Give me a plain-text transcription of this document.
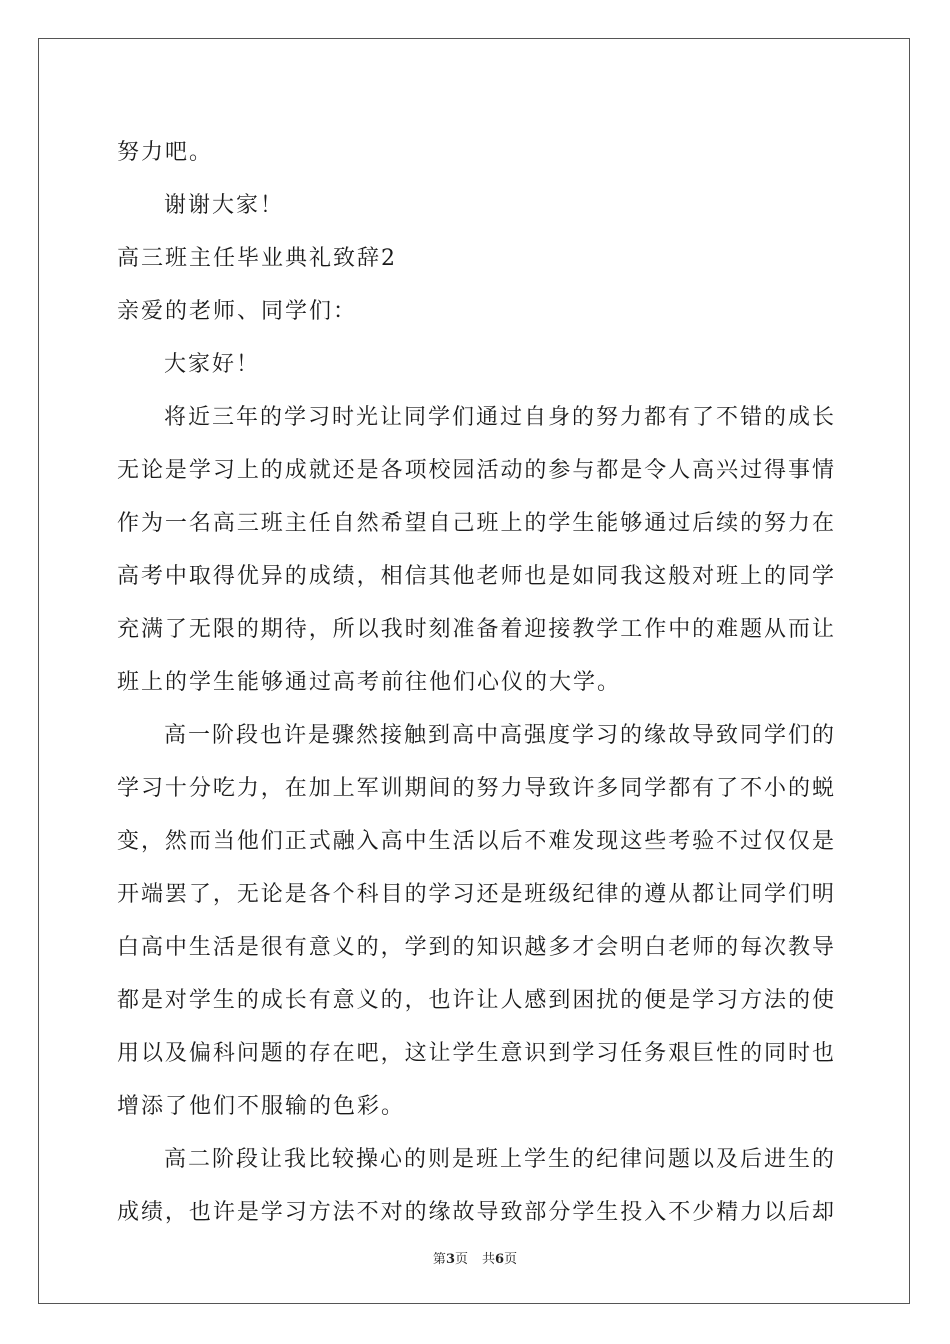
努力吧。
谢谢大家！
高三班主任毕业典礼致辞2
亲爱的老师、同学们：
大家好！
将近三年的学习时光让同学们通过自身的努力都有了不错的成长
无论是学习上的成就还是各项校园活动的参与都是令人高兴过得事情
作为一名高三班主任自然希望自己班上的学生能够通过后续的努力在
高考中取得优异的成绩，相信其他老师也是如同我这般对班上的同学
充满了无限的期待，所以我时刻准备着迎接教学工作中的难题从而让
班上的学生能够通过高考前往他们心仪的大学。
高一阶段也许是骤然接触到高中高强度学习的缘故导致同学们的
学习十分吃力，在加上军训期间的努力导致许多同学都有了不小的蜕
变，然而当他们正式融入高中生活以后不难发现这些考验不过仅仅是
开端罢了，无论是各个科目的学习还是班级纪律的遵从都让同学们明
白高中生活是很有意义的，学到的知识越多才会明白老师的每次教导
都是对学生的成长有意义的，也许让人感到困扰的便是学习方法的使
用以及偏科问题的存在吧，这让学生意识到学习任务艰巨性的同时也
增添了他们不服输的色彩。
高二阶段让我比较操心的则是班上学生的纪律问题以及后进生的
成绩，也许是学习方法不对的缘故导致部分学生投入不少精力以后却
第3页 共6页
